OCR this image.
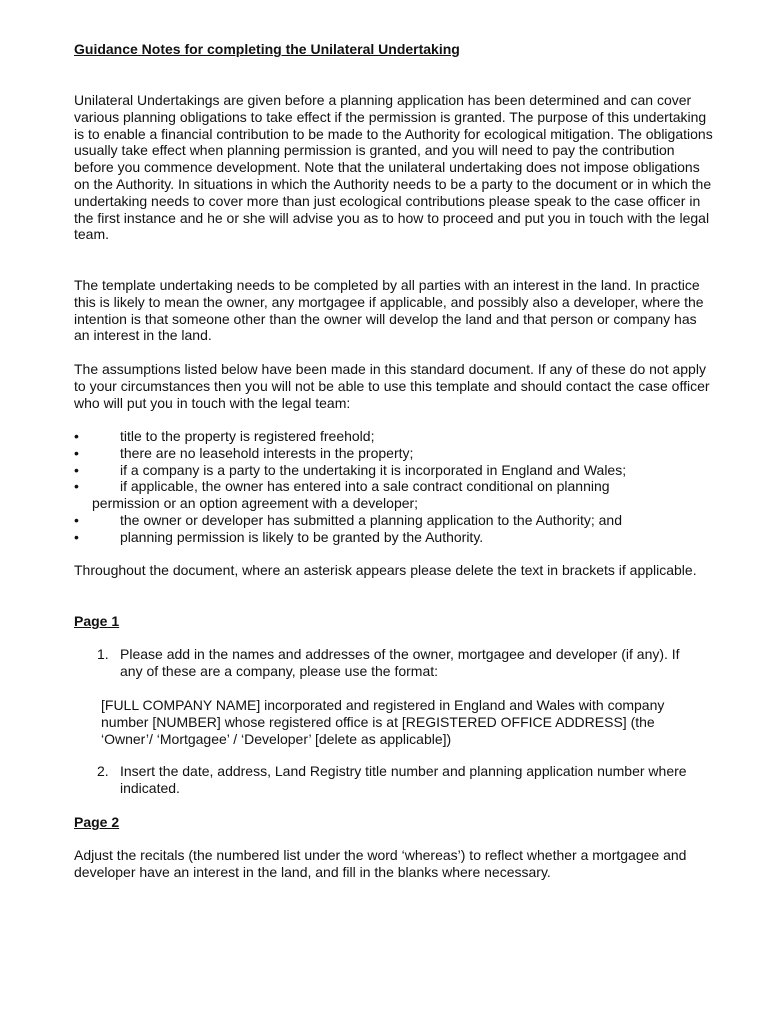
Guidance Notes for completing the Unilateral Undertaking

Unilateral Undertakings are given before a planning application has been determined and can cover various planning obligations to take effect if the permission is granted. The purpose of this undertaking is to enable a financial contribution to be made to the Authority for ecological mitigation. The obligations usually take effect when planning permission is granted, and you will need to pay the contribution before you commence development. Note that the unilateral undertaking does not impose obligations on the Authority. In situations in which the Authority needs to be a party to the document or in which the undertaking needs to cover more than just ecological contributions please speak to the case officer in the first instance and he or she will advise you as to how to proceed and put you in touch with the legal team.

The template undertaking needs to be completed by all parties with an interest in the land. In practice this is likely to mean the owner, any mortgagee if applicable, and possibly also a developer, where the intention is that someone other than the owner will develop the land and that person or company has an interest in the land.

The assumptions listed below have been made in this standard document. If any of these do not apply to your circumstances then you will not be able to use this template and should contact the case officer who will put you in touch with the legal team:

•	title to the property is registered freehold;
•	there are no leasehold interests in the property;
•	if a company is a party to the undertaking it is incorporated in England and Wales;
•	if applicable, the owner has entered into a sale contract conditional on planning
permission or an option agreement with a developer;
•	the owner or developer has submitted a planning application to the Authority; and
•	planning permission is likely to be granted by the Authority.

Throughout the document, where an asterisk appears please delete the text in brackets if applicable.

Page 1
1. Please add in the names and addresses of the owner, mortgagee and developer (if any). If any of these are a company, please use the format:

[FULL COMPANY NAME] incorporated and registered in England and Wales with company number [NUMBER] whose registered office is at [REGISTERED OFFICE ADDRESS] (the ‘Owner’/ ‘Mortgagee’ / ‘Developer’ [delete as applicable])

2. Insert the date, address, Land Registry title number and planning application number where indicated.
Page 2

Adjust the recitals (the numbered list under the word ‘whereas’) to reflect whether a mortgagee and developer have an interest in the land, and fill in the blanks where necessary.
